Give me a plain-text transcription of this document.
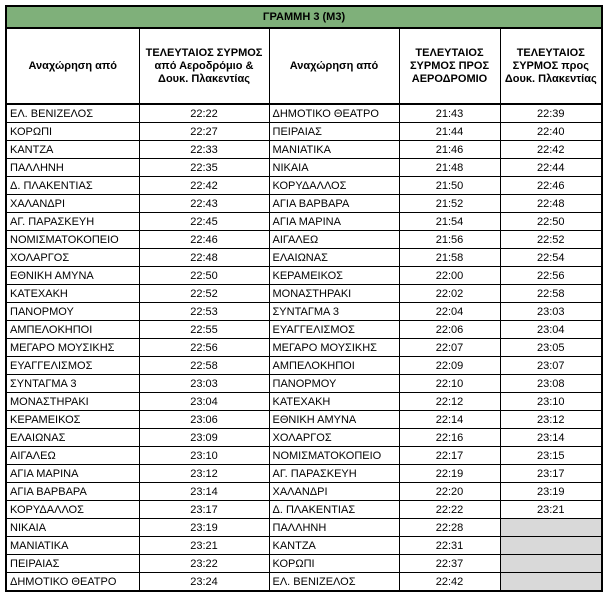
ΓΡΑΜΜΗ 3 (Μ3)				
Αναχώρηση από	ΤΕΛΕΥΤΑΙΟΣ ΣΥΡΜΟΣ από Αεροδρόμιο & Δουκ. Πλακεντίας	Αναχώρηση από	ΤΕΛΕΥΤΑΙΟΣ ΣΥΡΜΟΣ ΠΡΟΣ ΑΕΡΟΔΡΟΜΙΟ	ΤΕΛΕΥΤΑΙΟΣ ΣΥΡΜΟΣ προς Δουκ. Πλακεντίας
ΕΛ. ΒΕΝΙΖΕΛΟΣ	22:22	ΔΗΜΟΤΙΚΟ ΘΕΑΤΡΟ	21:43	22:39
ΚΟΡΩΠΙ	22:27	ΠΕΙΡΑΙΑΣ	21:44	22:40
ΚΑΝΤΖΑ	22:33	ΜΑΝΙΑΤΙΚΑ	21:46	22:42
ΠΑΛΛΗΝΗ	22:35	ΝΙΚΑΙΑ	21:48	22:44
Δ. ΠΛΑΚΕΝΤΙΑΣ	22:42	ΚΟΡΥΔΑΛΛΟΣ	21:50	22:46
ΧΑΛΑΝΔΡΙ	22:43	ΑΓΙΑ ΒΑΡΒΑΡΑ	21:52	22:48
ΑΓ. ΠΑΡΑΣΚΕΥΗ	22:45	ΑΓΙΑ ΜΑΡΙΝΑ	21:54	22:50
ΝΟΜΙΣΜΑΤΟΚΟΠΕΙΟ	22:46	ΑΙΓΑΛΕΩ	21:56	22:52
ΧΟΛΑΡΓΟΣ	22:48	ΕΛΑΙΩΝΑΣ	21:58	22:54
ΕΘΝΙΚΗ ΑΜΥΝΑ	22:50	ΚΕΡΑΜΕΙΚΟΣ	22:00	22:56
ΚΑΤΕΧΑΚΗ	22:52	ΜΟΝΑΣΤΗΡΑΚΙ	22:02	22:58
ΠΑΝΟΡΜΟΥ	22:53	ΣΥΝΤΑΓΜΑ 3	22:04	23:03
ΑΜΠΕΛΟΚΗΠΟΙ	22:55	ΕΥΑΓΓΕΛΙΣΜΟΣ	22:06	23:04
ΜΕΓΑΡΟ ΜΟΥΣΙΚΗΣ	22:56	ΜΕΓΑΡΟ ΜΟΥΣΙΚΗΣ	22:07	23:05
ΕΥΑΓΓΕΛΙΣΜΟΣ	22:58	ΑΜΠΕΛΟΚΗΠΟΙ	22:09	23:07
ΣΥΝΤΑΓΜΑ 3	23:03	ΠΑΝΟΡΜΟΥ	22:10	23:08
ΜΟΝΑΣΤΗΡΑΚΙ	23:04	ΚΑΤΕΧΑΚΗ	22:12	23:10
ΚΕΡΑΜΕΙΚΟΣ	23:06	ΕΘΝΙΚΗ ΑΜΥΝΑ	22:14	23:12
ΕΛΑΙΩΝΑΣ	23:09	ΧΟΛΑΡΓΟΣ	22:16	23:14
ΑΙΓΑΛΕΩ	23:10	ΝΟΜΙΣΜΑΤΟΚΟΠΕΙΟ	22:17	23:15
ΑΓΙΑ ΜΑΡΙΝΑ	23:12	ΑΓ. ΠΑΡΑΣΚΕΥΗ	22:19	23:17
ΑΓΙΑ ΒΑΡΒΑΡΑ	23:14	ΧΑΛΑΝΔΡΙ	22:20	23:19
ΚΟΡΥΔΑΛΛΟΣ	23:17	Δ. ΠΛΑΚΕΝΤΙΑΣ	22:22	23:21
ΝΙΚΑΙΑ	23:19	ΠΑΛΛΗΝΗ	22:28	
ΜΑΝΙΑΤΙΚΑ	23:21	ΚΑΝΤΖΑ	22:31	
ΠΕΙΡΑΙΑΣ	23:22	ΚΟΡΩΠΙ	22:37	
ΔΗΜΟΤΙΚΟ ΘΕΑΤΡΟ	23:24	ΕΛ. ΒΕΝΙΖΕΛΟΣ	22:42	
